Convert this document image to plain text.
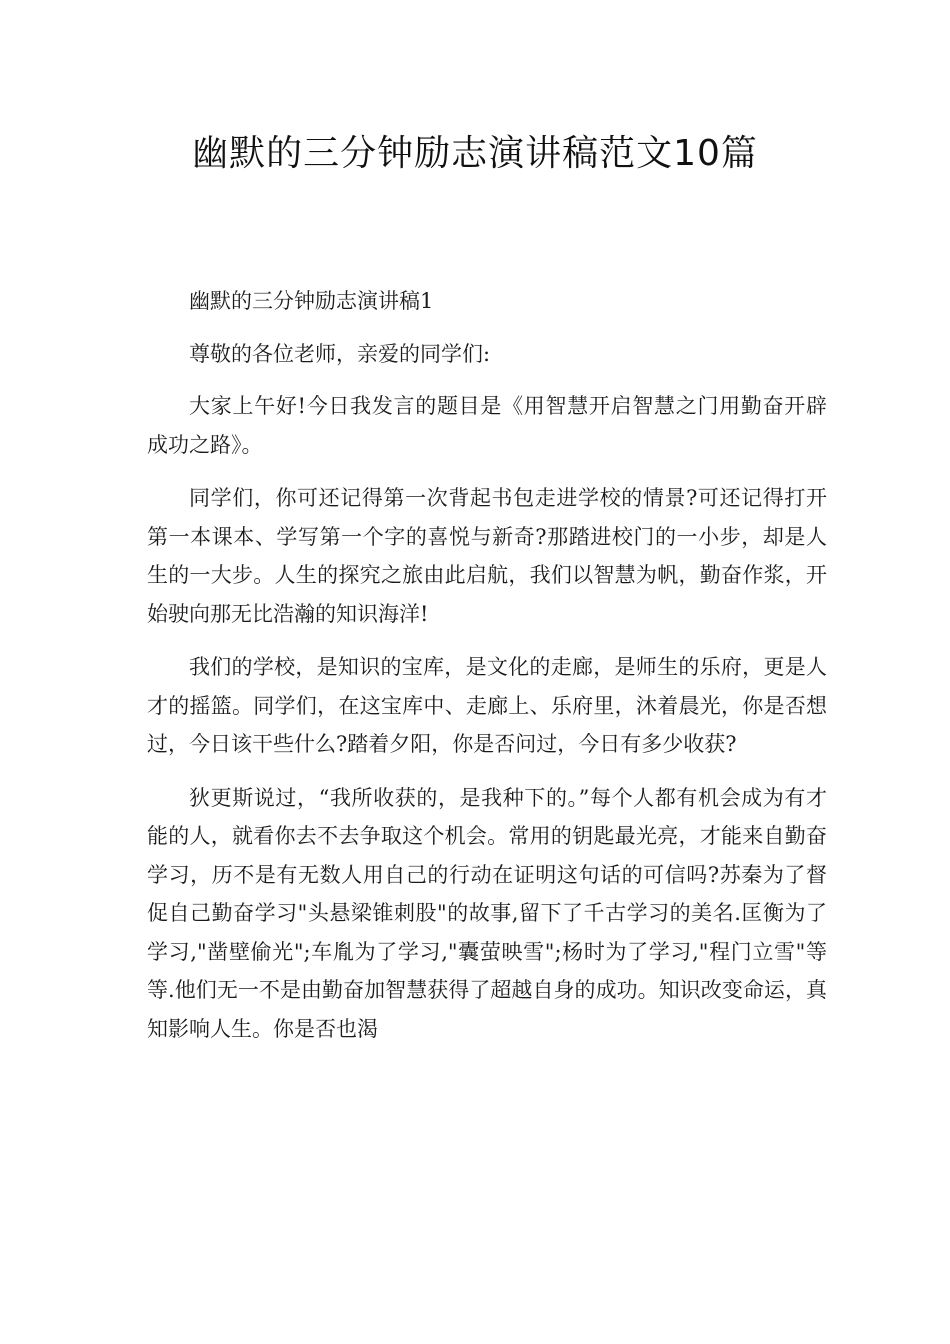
幽默的三分钟励志演讲稿范文10篇

幽默的三分钟励志演讲稿1

尊敬的各位老师，亲爱的同学们:

大家上午好!今日我发言的题目是《用智慧开启智慧之门用勤奋开辟成功之路》。

同学们，你可还记得第一次背起书包走进学校的情景?可还记得打开第一本课本、学写第一个字的喜悦与新奇?那踏进校门的一小步，却是人生的一大步。人生的探究之旅由此启航，我们以智慧为帆，勤奋作浆，开始驶向那无比浩瀚的知识海洋!

我们的学校，是知识的宝库，是文化的走廊，是师生的乐府，更是人才的摇篮。同学们，在这宝库中、走廊上、乐府里，沐着晨光，你是否想过，今日该干些什么?踏着夕阳，你是否问过，今日有多少收获?

狄更斯说过，“我所收获的，是我种下的。”每个人都有机会成为有才能的人，就看你去不去争取这个机会。常用的钥匙最光亮，才能来自勤奋学习，历不是有无数人用自己的行动在证明这句话的可信吗?苏秦为了督促自己勤奋学习"头悬梁锥刺股"的故事,留下了千古学习的美名.匡衡为了学习,"凿壁偷光";车胤为了学习,"囊萤映雪";杨时为了学习,"程门立雪"等等.他们无一不是由勤奋加智慧获得了超越自身的成功。知识改变命运，真知影响人生。你是否也渴
